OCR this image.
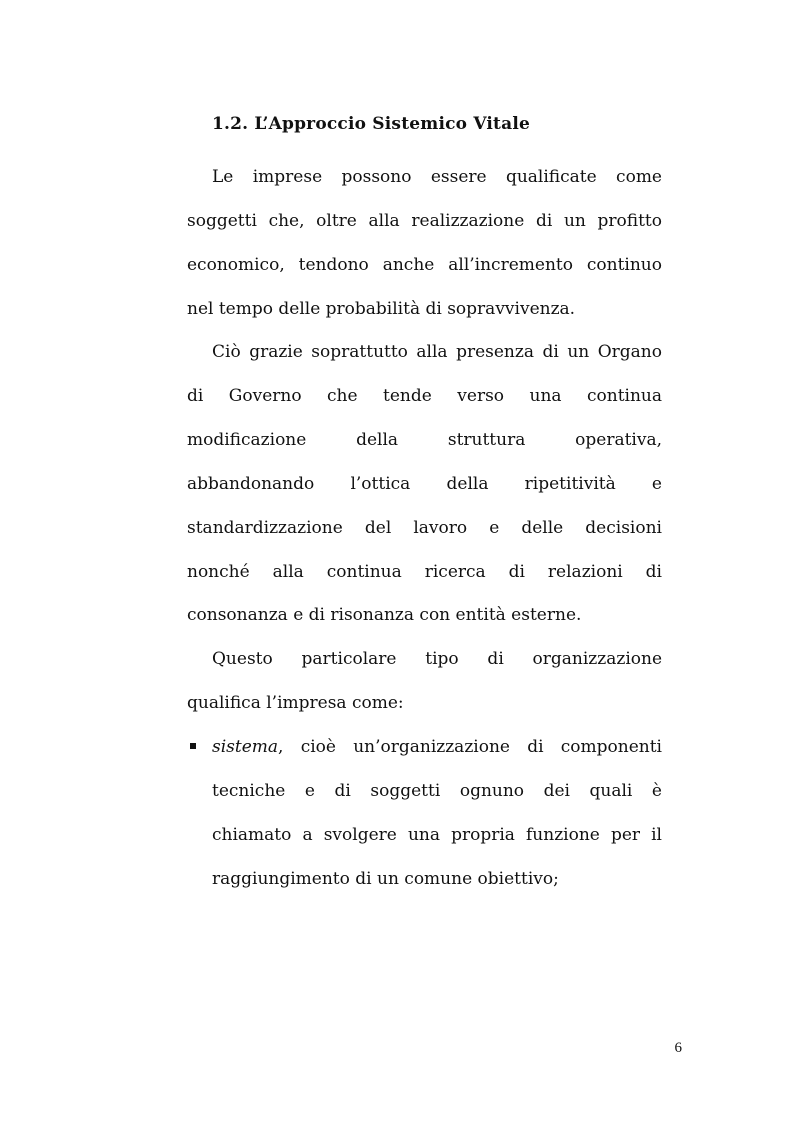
1.2. L’Approccio Sistemico Vitale
Le imprese possono essere qualificate come
soggetti che, oltre alla realizzazione di un profitto
economico, tendono anche all’incremento continuo
nel tempo delle probabilità di sopravvivenza.
Ciò grazie soprattutto alla presenza di un Organo
di Governo che tende verso una continua
modificazione della struttura operativa,
abbandonando l’ottica della ripetitività e
standardizzazione del lavoro e delle decisioni
nonché alla continua ricerca di relazioni di
consonanza e di risonanza con entità esterne.
Questo particolare tipo di organizzazione
qualifica l’impresa come:
sistema, cioè un’organizzazione di componenti
tecniche e di soggetti ognuno dei quali è
chiamato a svolgere una propria funzione per il
raggiungimento di un comune obiettivo;
6
